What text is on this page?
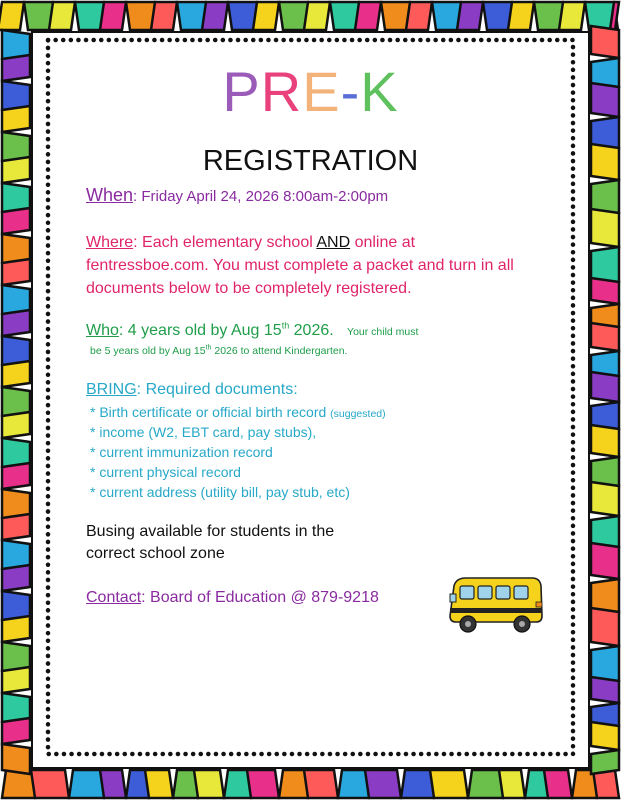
PRE-K
REGISTRATION
When: Friday April 24, 2026 8:00am-2:00pm
Where: Each elementary school AND online at
fentressboe.com. You must complete a packet and turn in all
documents below to be completely registered.
Who: 4 years old by Aug 15th 2026. Your child must
be 5 years old by Aug 15th 2026 to attend Kindergarten.
BRING: Required documents:
* Birth certificate or official birth record (suggested)
* income (W2, EBT card, pay stubs),
* current immunization record
* current physical record
* current address (utility bill, pay stub, etc)
Busing available for students in the
correct school zone
Contact: Board of Education @ 879-9218
